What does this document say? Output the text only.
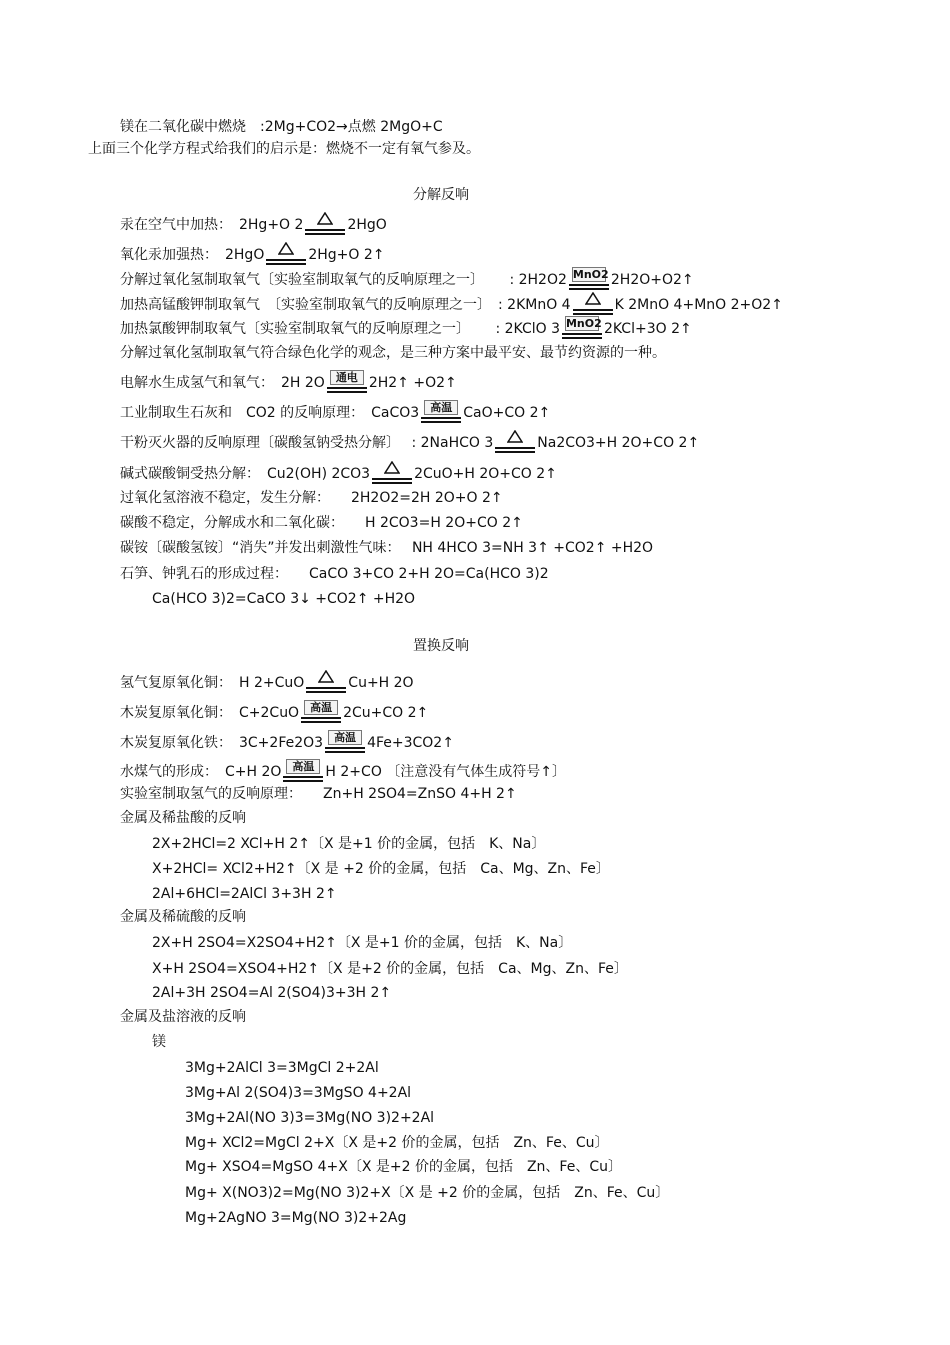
镁在二氧化碳中燃烧　:2Mg+CO2→点燃 2MgO+C
上面三个化学方程式给我们的启示是：燃烧不一定有氧气参及。
分解反响
汞在空气中加热：　2Hg+O 2	2HgO
氧化汞加强热：　2HgO	2Hg+O 2↑
分解过氧化氢制取氧气〔实验室制取氧气的反响原理之一〕　　 : 2H2O2 MnO2 2H2O+O2↑
加热高锰酸钾制取氧气　〔实验室制取氧气的反响原理之一〕　: 2KMnO 4	K 2MnO 4+MnO 2+O2↑
加热氯酸钾制取氧气〔实验室制取氧气的反响原理之一〕　　 : 2KClO 3 MnO2 2KCl+3O 2↑
分解过氧化氢制取氧气符合绿色化学的观念，是三种方案中最平安、最节约资源的一种。
电解水生成氢气和氧气：　2H 2O	通电 2H2↑ +O2↑
工业制取生石灰和　CO2 的反响原理：　CaCO3	高温 CaO+CO 2↑
干粉灭火器的反响原理〔碳酸氢钠受热分解〕　 : 2NaHCO 3	Na2CO3+H 2O+CO 2↑
碱式碳酸铜受热分解：　Cu2(OH) 2CO3	2CuO+H 2O+CO 2↑
过氧化氢溶液不稳定，发生分解：　　2H2O2=2H 2O+O 2↑
碳酸不稳定，分解成水和二氧化碳：　　H 2CO3=H 2O+CO 2↑
碳铵〔碳酸氢铵〕“消失”并发出刺激性气味：　 NH 4HCO 3=NH 3↑ +CO2↑ +H2O
石笋、钟乳石的形成过程：　　CaCO 3+CO 2+H 2O=Ca(HCO 3)2
Ca(HCO 3)2=CaCO 3↓ +CO2↑ +H2O
置换反响
氢气复原氧化铜：　H 2+CuO	Cu+H 2O
木炭复原氧化铜：　C+2CuO	高温 2Cu+CO 2↑
木炭复原氧化铁：　3C+2Fe2O3	高温 4Fe+3CO2↑
水煤气的形成：　C+H 2O	高温 H 2+CO 〔注意没有气体生成符号↑〕
实验室制取氢气的反响原理：　　Zn+H 2SO4=ZnSO 4+H 2↑
金属及稀盐酸的反响
2X+2HCl=2 XCl+H 2↑〔X 是+1 价的金属，包括　K、Na〕
X+2HCl= XCl2+H2↑〔X 是 +2 价的金属，包括　Ca、Mg、Zn、Fe〕
2Al+6HCl=2AlCl 3+3H 2↑
金属及稀硫酸的反响
2X+H 2SO4=X2SO4+H2↑〔X 是+1 价的金属，包括　K、Na〕
X+H 2SO4=XSO4+H2↑〔X 是+2 价的金属，包括　Ca、Mg、Zn、Fe〕
2Al+3H 2SO4=Al 2(SO4)3+3H 2↑
金属及盐溶液的反响
镁
3Mg+2AlCl 3=3MgCl 2+2Al
3Mg+Al 2(SO4)3=3MgSO 4+2Al
3Mg+2Al(NO 3)3=3Mg(NO 3)2+2Al
Mg+ XCl2=MgCl 2+X〔X 是+2 价的金属，包括　Zn、Fe、Cu〕
Mg+ XSO4=MgSO 4+X〔X 是+2 价的金属，包括　Zn、Fe、Cu〕
Mg+ X(NO3)2=Mg(NO 3)2+X〔X 是 +2 价的金属，包括　Zn、Fe、Cu〕
Mg+2AgNO 3=Mg(NO 3)2+2Ag
